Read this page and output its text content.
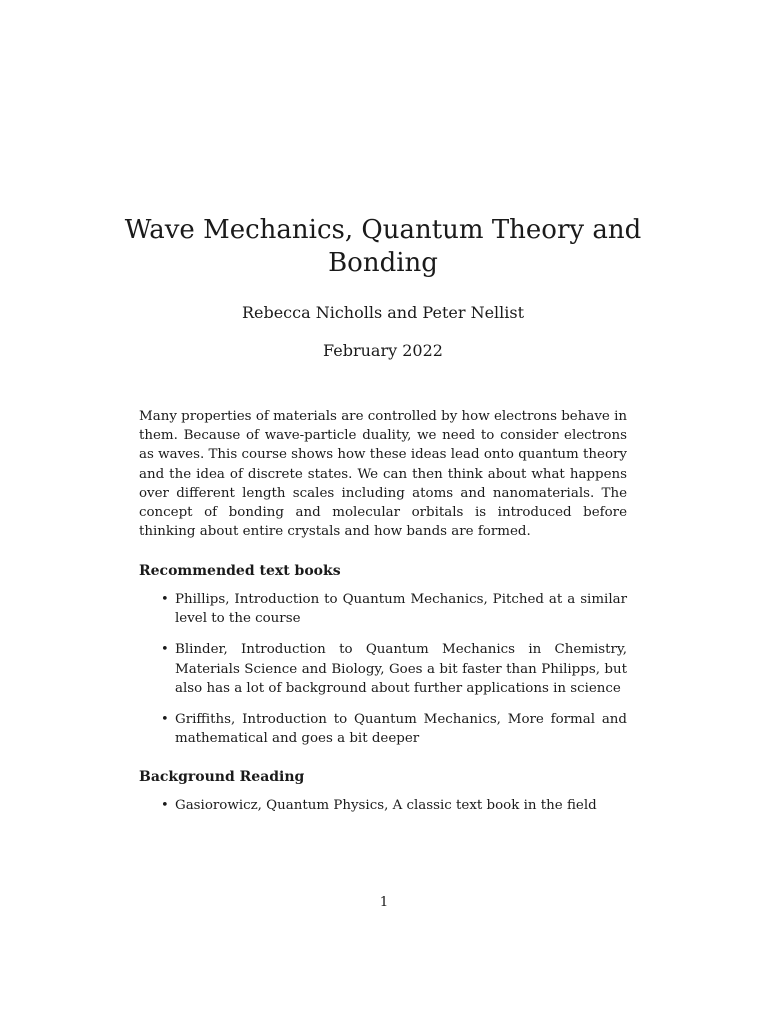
Wave Mechanics, Quantum Theory and Bonding
Rebecca Nicholls and Peter Nellist
February 2022

Many properties of materials are controlled by how electrons behave in them. Because of wave-particle duality, we need to consider electrons as waves. This course shows how these ideas lead onto quantum theory and the idea of discrete states. We can then think about what happens over different length scales including atoms and nanomaterials. The concept of bonding and molecular orbitals is introduced before thinking about entire crystals and how bands are formed.

Recommended text books
• Phillips, Introduction to Quantum Mechanics, Pitched at a similar level to the course
• Blinder, Introduction to Quantum Mechanics in Chemistry, Materials Science and Biology, Goes a bit faster than Philipps, but also has a lot of background about further applications in science
• Griffiths, Introduction to Quantum Mechanics, More formal and mathematical and goes a bit deeper
Background Reading
• Gasiorowicz, Quantum Physics, A classic text book in the field
1
